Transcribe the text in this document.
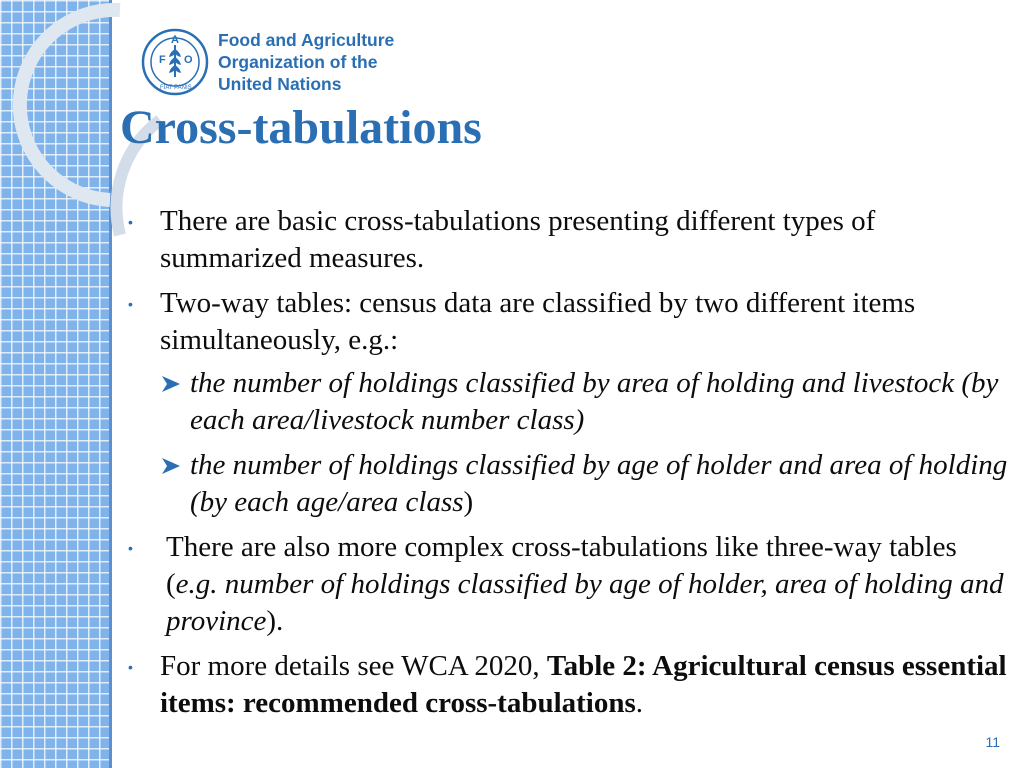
F
A
O
FIAT PANIS
Food and Agriculture
Organization of the
United Nations
Cross-tabulations
• There are basic cross-tabulations presenting different types of summarized measures.
• Two-way tables: census data are classified by two different items simultaneously, e.g.:
the number of holdings classified by area of holding and livestock (by each area/livestock number class)
the number of holdings classified by age of holder and area of holding (by each age/area class)
• There are also more complex cross-tabulations like three-way tables (e.g. number of holdings classified by age of holder, area of holding and province).
• For more details see WCA 2020, Table 2: Agricultural census essential items: recommended cross-tabulations.
11
